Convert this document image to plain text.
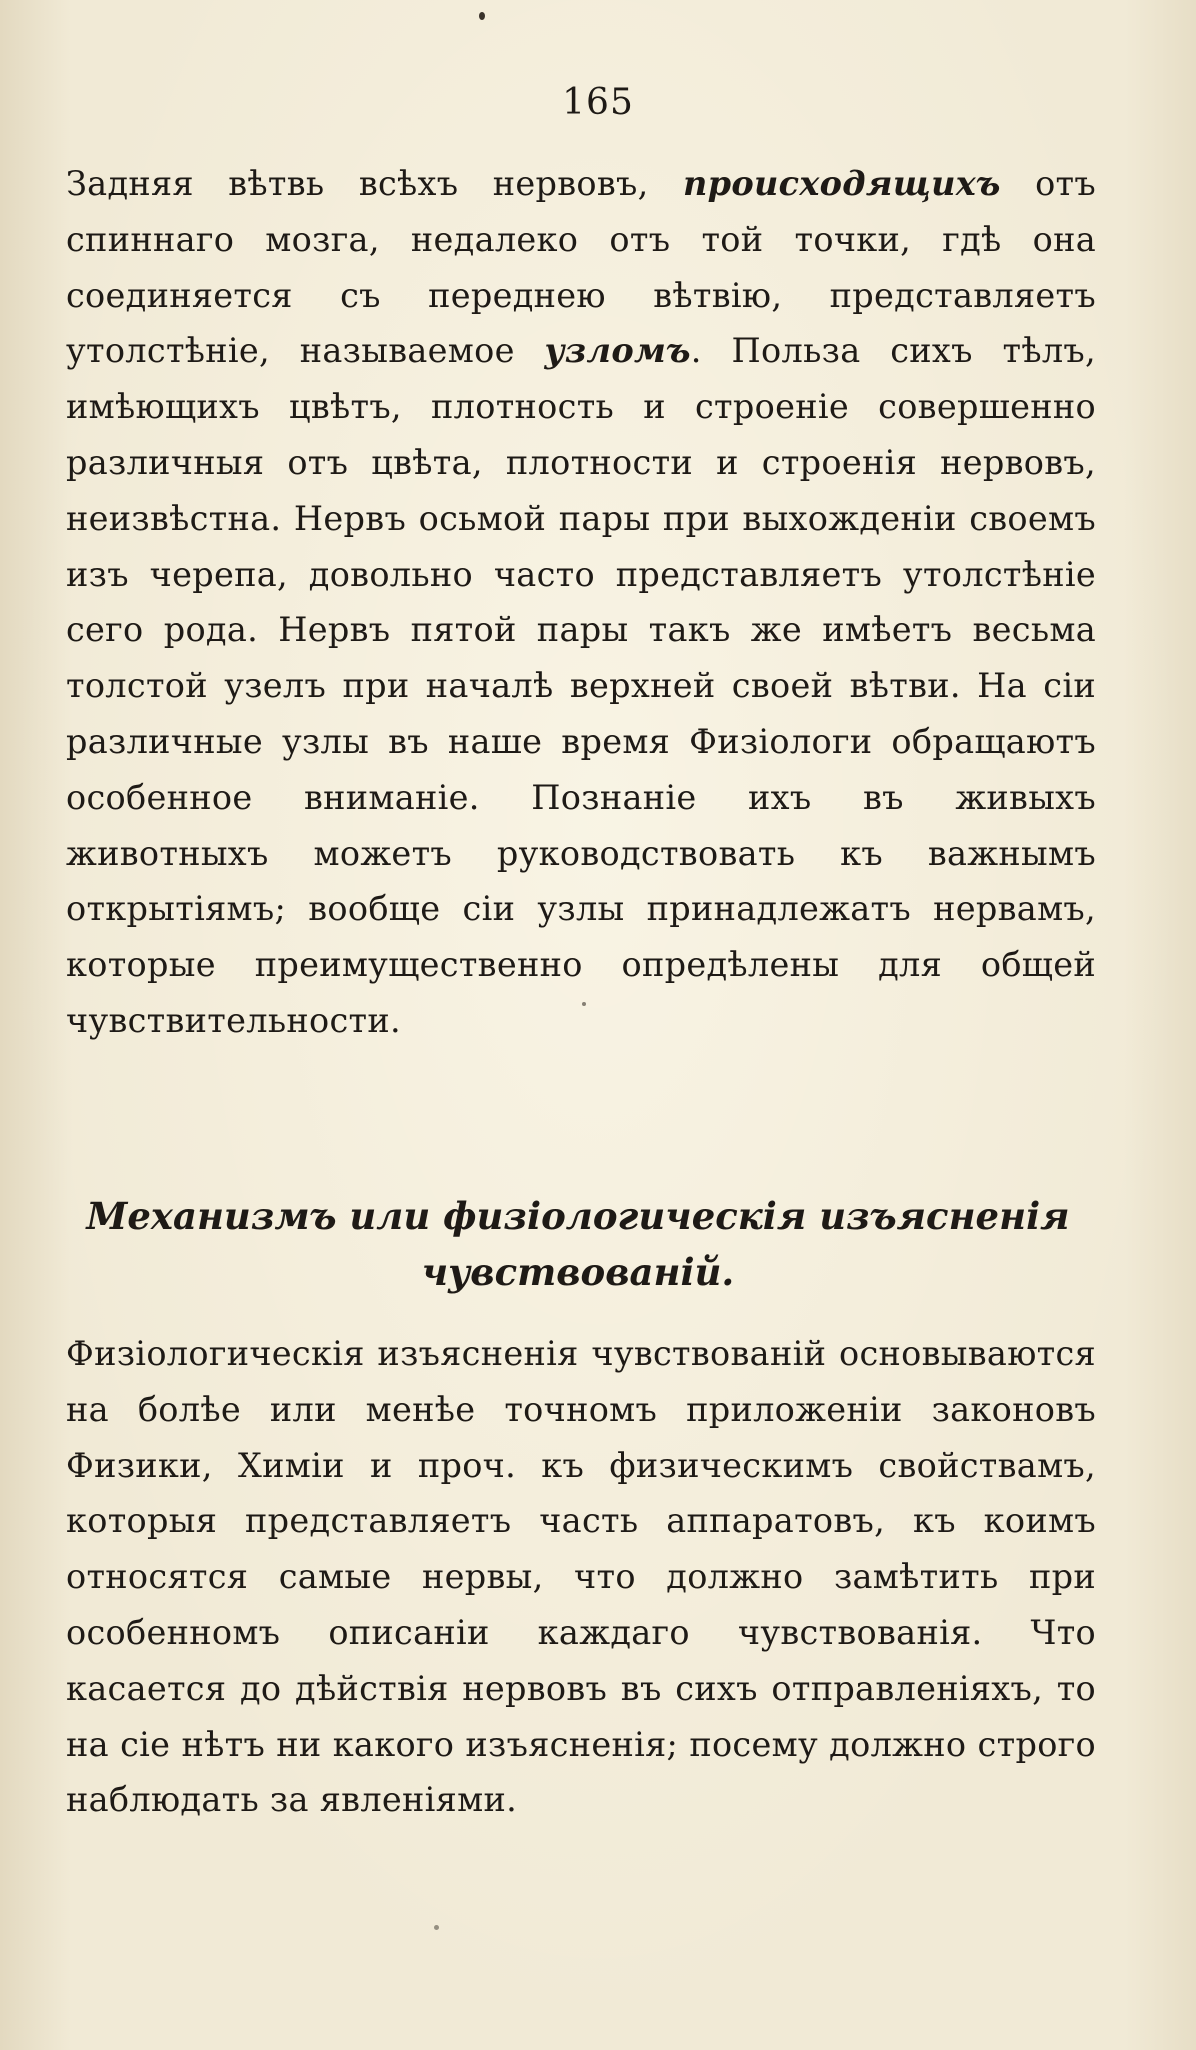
165

Задняя вѣтвь всѣхъ нервовъ, происходящихъ отъ спиннаго мозга, недалеко отъ той точки, гдѣ она соединяется съ переднею вѣтвію, представляетъ утолстѣніе, называемое узломъ. Польза сихъ тѣлъ, имѣющихъ цвѣтъ, плотность и строеніе совершенно различныя отъ цвѣта, плотности и строенія нервовъ, неизвѣстна. Нервъ осьмой пары при выхожденіи своемъ изъ черепа, довольно часто представляетъ утолстѣніе сего рода. Нервъ пятой пары такъ же имѣетъ весьма толстой узелъ при началѣ верхней своей вѣтви. На сіи различные узлы въ наше время Физіологи обращаютъ особенное вниманіе. Познаніе ихъ въ живыхъ животныхъ можетъ руководствовать къ важнымъ открытіямъ; вообще сіи узлы принадлежатъ нервамъ, которые преимущественно опредѣлены для общей чувствительности.

Механизмъ или физіологическія изъясненія
чувствованій.

Физіологическія изъясненія чувствованій основываются на болѣе или менѣе точномъ приложеніи законовъ Физики, Химіи и проч. къ физическимъ свойствамъ, которыя представляетъ часть аппаратовъ, къ коимъ относятся самые нервы, что должно замѣтить при особенномъ описаніи каждаго чувствованія. Что касается до дѣйствія нервовъ въ сихъ отправленіяхъ, то на сіе нѣтъ ни какого изъясненія; посему должно строго наблюдать за явленіями.
